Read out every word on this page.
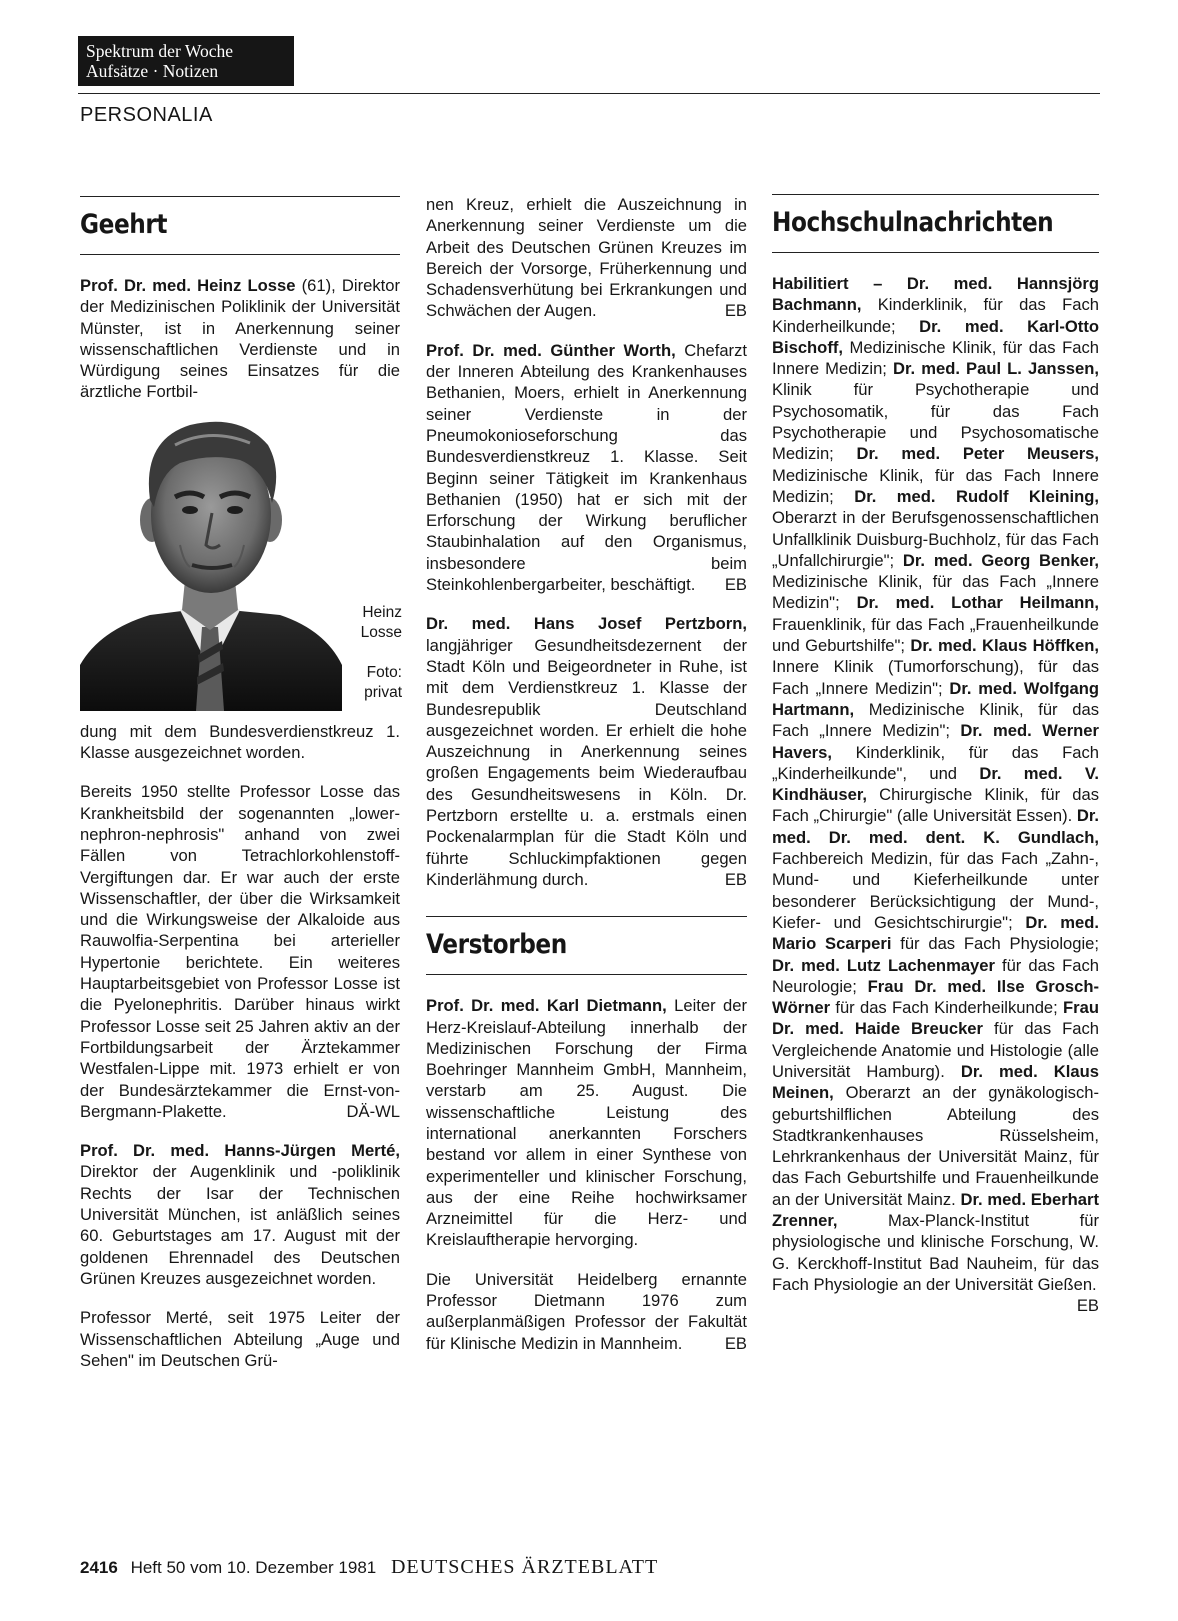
Spektrum der Woche
Aufsätze · Notizen
PERSONALIA
Geehrt

Prof. Dr. med. Heinz Losse (61), Direktor der Medizinischen Poliklinik der Universität Münster, ist in Anerkennung seiner wissenschaftlichen Verdienste und in Würdigung seines Einsatzes für die ärztliche Fortbil-

Heinz Losse
Foto: privat

dung mit dem Bundesverdienstkreuz 1. Klasse ausgezeichnet worden.

Bereits 1950 stellte Professor Losse das Krankheitsbild der sogenannten „lower-nephron-nephrosis" anhand von zwei Fällen von Tetrachlorkohlenstoff-Vergiftungen dar. Er war auch der erste Wissenschaftler, der über die Wirksamkeit und die Wirkungsweise der Alkaloide aus Rauwolfia-Serpentina bei arterieller Hypertonie berichtete. Ein weiteres Hauptarbeitsgebiet von Professor Losse ist die Pyelonephritis. Darüber hinaus wirkt Professor Losse seit 25 Jahren aktiv an der Fortbildungsarbeit der Ärztekammer Westfalen-Lippe mit. 1973 erhielt er von der Bundesärztekammer die Ernst-von-Bergmann-Plakette.	DÄ-WL

Prof. Dr. med. Hanns-Jürgen Merté, Direktor der Augenklinik und -poliklinik Rechts der Isar der Technischen Universität München, ist anläßlich seines 60. Geburtstages am 17. August mit der goldenen Ehrennadel des Deutschen Grünen Kreuzes ausgezeichnet worden.

Professor Merté, seit 1975 Leiter der Wissenschaftlichen Abteilung „Auge und Sehen" im Deutschen Grü-

nen Kreuz, erhielt die Auszeichnung in Anerkennung seiner Verdienste um die Arbeit des Deutschen Grünen Kreuzes im Bereich der Vorsorge, Früherkennung und Schadensverhütung bei Erkrankungen und Schwächen der Augen.	EB

Prof. Dr. med. Günther Worth, Chefarzt der Inneren Abteilung des Krankenhauses Bethanien, Moers, erhielt in Anerkennung seiner Verdienste in der Pneumokonioseforschung das Bundesverdienstkreuz 1. Klasse. Seit Beginn seiner Tätigkeit im Krankenhaus Bethanien (1950) hat er sich mit der Erforschung der Wirkung beruflicher Staubinhalation auf den Organismus, insbesondere beim Steinkohlenbergarbeiter, beschäftigt. EB

Dr. med. Hans Josef Pertzborn, langjähriger Gesundheitsdezernent der Stadt Köln und Beigeordneter in Ruhe, ist mit dem Verdienstkreuz 1. Klasse der Bundesrepublik Deutschland ausgezeichnet worden. Er erhielt die hohe Auszeichnung in Anerkennung seines großen Engagements beim Wiederaufbau des Gesundheitswesens in Köln. Dr. Pertzborn erstellte u. a. erstmals einen Pockenalarmplan für die Stadt Köln und führte Schluckimpfaktionen gegen Kinderlähmung durch.	EB

Verstorben

Prof. Dr. med. Karl Dietmann, Leiter der Herz-Kreislauf-Abteilung innerhalb der Medizinischen Forschung der Firma Boehringer Mannheim GmbH, Mannheim, verstarb am 25. August. Die wissenschaftliche Leistung des international anerkannten Forschers bestand vor allem in einer Synthese von experimenteller und klinischer Forschung, aus der eine Reihe hochwirksamer Arzneimittel für die Herz- und Kreislauftherapie hervorging.

Die Universität Heidelberg ernannte Professor Dietmann 1976 zum außerplanmäßigen Professor der Fakultät für Klinische Medizin in Mannheim.	EB

Hochschulnachrichten

Habilitiert – Dr. med. Hannsjörg Bachmann, Kinderklinik, für das Fach Kinderheilkunde; Dr. med. Karl-Otto Bischoff, Medizinische Klinik, für das Fach Innere Medizin; Dr. med. Paul L. Janssen, Klinik für Psychotherapie und Psychosomatik, für das Fach Psychotherapie und Psychosomatische Medizin; Dr. med. Peter Meusers, Medizinische Klinik, für das Fach Innere Medizin; Dr. med. Rudolf Kleining, Oberarzt in der Berufsgenossenschaftlichen Unfallklinik Duisburg-Buchholz, für das Fach „Unfallchirurgie"; Dr. med. Georg Benker, Medizinische Klinik, für das Fach „Innere Medizin"; Dr. med. Lothar Heilmann, Frauenklinik, für das Fach „Frauenheilkunde und Geburtshilfe"; Dr. med. Klaus Höffken, Innere Klinik (Tumorforschung), für das Fach „Innere Medizin"; Dr. med. Wolfgang Hartmann, Medizinische Klinik, für das Fach „Innere Medizin"; Dr. med. Werner Havers, Kinderklinik, für das Fach „Kinderheilkunde", und Dr. med. V. Kindhäuser, Chirurgische Klinik, für das Fach „Chirurgie" (alle Universität Essen). Dr. med. Dr. med. dent. K. Gundlach, Fachbereich Medizin, für das Fach „Zahn-, Mund- und Kieferheilkunde unter besonderer Berücksichtigung der Mund-, Kiefer- und Gesichtschirurgie"; Dr. med. Mario Scarperi für das Fach Physiologie; Dr. med. Lutz Lachenmayer für das Fach Neurologie; Frau Dr. med. Ilse Grosch-Wörner für das Fach Kinderheilkunde; Frau Dr. med. Haide Breucker für das Fach Vergleichende Anatomie und Histologie (alle Universität Hamburg). Dr. med. Klaus Meinen, Oberarzt an der gynäkologisch-geburtshilflichen Abteilung des Stadtkrankenhauses Rüsselsheim, Lehrkrankenhaus der Universität Mainz, für das Fach Geburtshilfe und Frauenheilkunde an der Universität Mainz. Dr. med. Eberhart Zrenner, Max-Planck-Institut für physiologische und klinische Forschung, W. G. Kerckhoff-Institut Bad Nauheim, für das Fach Physiologie an der Universität Gießen.
EB

2416 Heft 50 vom 10. Dezember 1981 DEUTSCHES ÄRZTEBLATT
